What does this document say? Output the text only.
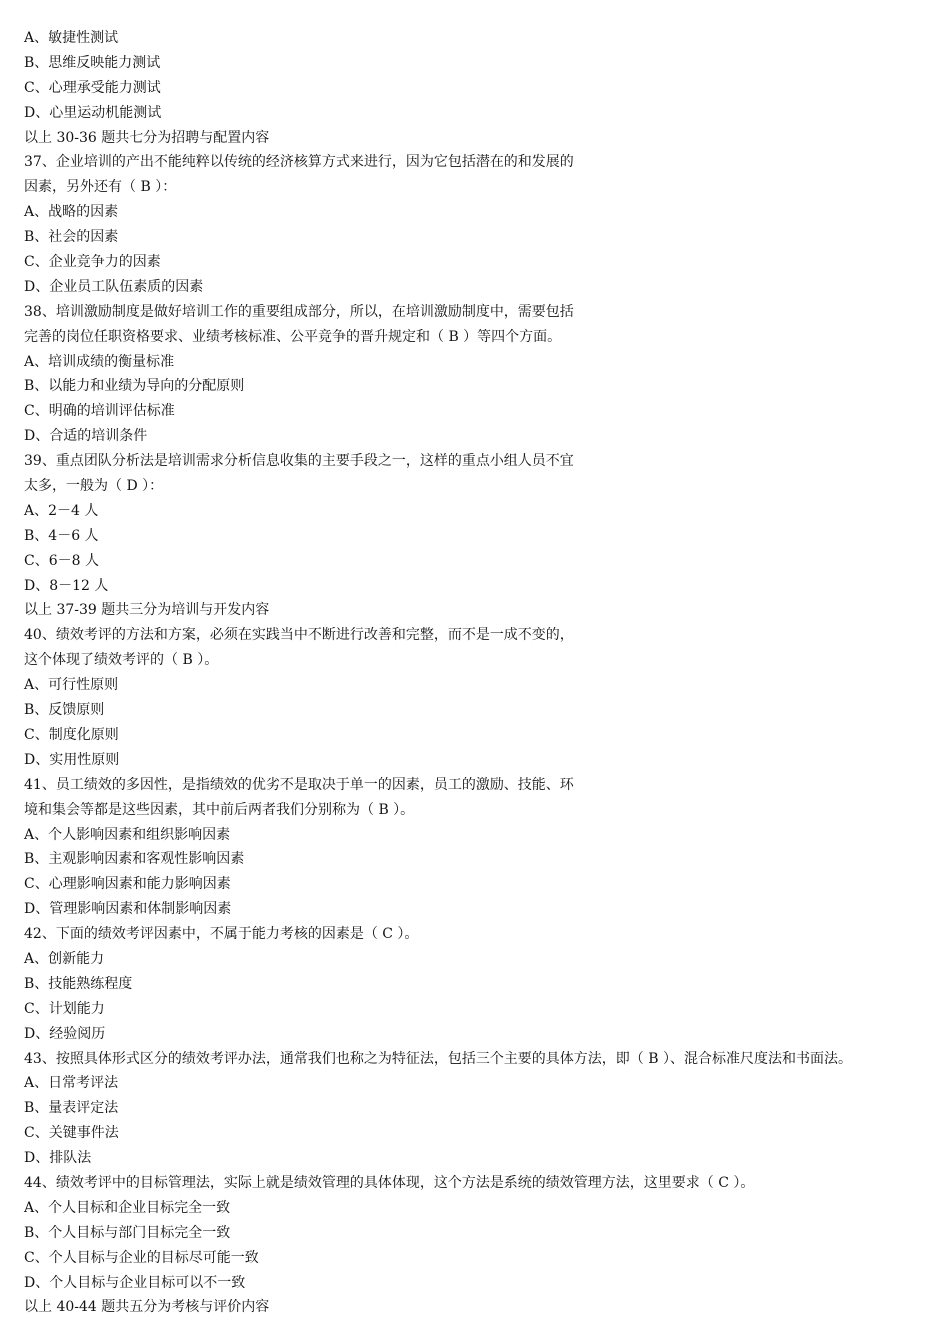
A、敏捷性测试
B、思维反映能力测试
C、心理承受能力测试
D、心里运动机能测试
以上 30-36 题共七分为招聘与配置内容
37、企业培训的产出不能纯粹以传统的经济核算方式来进行，因为它包括潜在的和发展的
因素，另外还有（ B ）：
A、战略的因素
B、社会的因素
C、企业竞争力的因素
D、企业员工队伍素质的因素
38、培训激励制度是做好培训工作的重要组成部分，所以，在培训激励制度中，需要包括
完善的岗位任职资格要求、业绩考核标准、公平竞争的晋升规定和（ B ）等四个方面。
A、培训成绩的衡量标准
B、以能力和业绩为导向的分配原则
C、明确的培训评估标准
D、合适的培训条件
39、重点团队分析法是培训需求分析信息收集的主要手段之一，这样的重点小组人员不宜
太多，一般为（ D ）：
A、2－4 人
B、4－6 人
C、6－8 人
D、8－12 人
以上 37-39 题共三分为培训与开发内容
40、绩效考评的方法和方案，必须在实践当中不断进行改善和完整，而不是一成不变的，
这个体现了绩效考评的（ B ）。
A、可行性原则
B、反馈原则
C、制度化原则
D、实用性原则
41、员工绩效的多因性，是指绩效的优劣不是取决于单一的因素，员工的激励、技能、环
境和集会等都是这些因素，其中前后两者我们分别称为（ B ）。
A、个人影响因素和组织影响因素
B、主观影响因素和客观性影响因素
C、心理影响因素和能力影响因素
D、管理影响因素和体制影响因素
42、下面的绩效考评因素中，不属于能力考核的因素是（ C ）。
A、创新能力
B、技能熟练程度
C、计划能力
D、经验阅历
43、按照具体形式区分的绩效考评办法，通常我们也称之为特征法，包括三个主要的具体方法，即（ B ）、混合标准尺度法和书面法。
A、日常考评法
B、量表评定法
C、关键事件法
D、排队法
44、绩效考评中的目标管理法，实际上就是绩效管理的具体体现，这个方法是系统的绩效管理方法，这里要求（ C ）。
A、个人目标和企业目标完全一致
B、个人目标与部门目标完全一致
C、个人目标与企业的目标尽可能一致
D、个人目标与企业目标可以不一致
以上 40-44 题共五分为考核与评价内容
